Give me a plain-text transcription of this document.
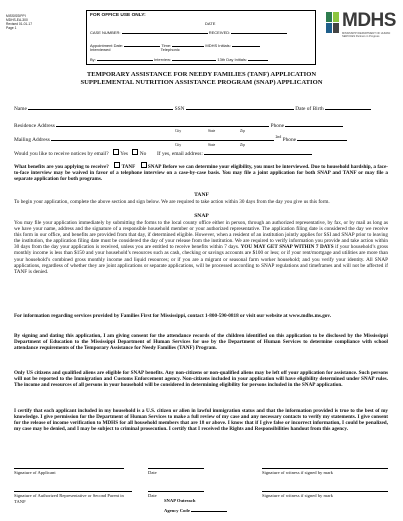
MISSISSIPPI
MDHS-EA-300
Revised 01-01-17
Page 1
FOR OFFICE USE ONLY:
DATE
CASE NUMBER:	RECEIVED:
Appointment Date:	Time:	MDHS Initials:
Interviewed	Telephonic
By:	Interview:	13th Day Initials:
MDHS
MISSISSIPPI DEPARTMENT OF HUMAN SERVICES Partners in Progress
TEMPORARY ASSISTANCE FOR NEEDY FAMILIES (TANF) APPLICATION
SUPPLEMENTAL NUTRITION ASSISTANCE PROGRAM (SNAP) APPLICATION
Name	SSN	Date of Birth
Residence Address	Phone
City	State	Zip
Mailing Address	$^{2nd}$ Phone
City	State	Zip
Would you like to receive notices by email? Yes No If yes, email address:
What benefits are you applying to receive? TANF SNAP Before we can determine your eligibility, you must be interviewed. Due to household hardship, a face-to-face interview may be waived in favor of a telephone interview on a case-by-case basis. You may file a joint application for both SNAP and TANF or may file a separate application for both programs.
TANF
To begin your application, complete the above section and sign below. We are required to take action within 30 days from the day you give us this form.
SNAP
You may file your application immediately by submitting the forms to the local county office either in person, through an authorized representative, by fax, or by mail as long as we have your name, address and the signature of a responsible household member or your authorized representative. The application filing date is considered the day we receive this form in our office, and benefits are provided from that day, if determined eligible. However, when a resident of an institution jointly applies for SSI and SNAP prior to leaving the institution, the application filing date must be considered the day of your release from the institution. We are required to verify information you provide and take action within 30 days from the day your application is received, unless you are entitled to receive benefits within 7 days. YOU MAY GET SNAP WITHIN 7 DAYS if your household’s gross monthly income is less than $150 and your household’s resources such as cash, checking or savings accounts are $100 or less; or if your rent/mortgage and utilities are more than your household’s combined gross monthly income and liquid resources; or if you are a migrant or seasonal farm worker household; and you verify your identity. All SNAP applications, regardless of whether they are joint applications or separate applications, will be processed according to SNAP regulations and timeframes and will not be affected if TANF is denied.
For information regarding services provided by Families First for Mississippi, contact 1-800-590-0818 or visit our website at www.mdhs.ms.gov.
By signing and dating this application, I am giving consent for the attendance records of the children identified on this application to be disclosed by the Mississippi Department of Education to the Mississippi Department of Human Services for use by the Department of Human Services to determine compliance with school attendance requirements of the Temporary Assistance for Needy Families (TANF) Program.
Only US citizens and qualified aliens are eligible for SNAP benefits. Any non-citizens or non-qualified aliens may be left off your application for assistance. Such persons will not be reported to the Immigration and Customs Enforcement agency. Non-citizens included in your application will have eligibility determined under SNAP rules. The income and resources of all persons in your household will be considered in determining eligibility for persons included in the SNAP application.
I certify that each applicant included in my household is a U.S. citizen or alien in lawful immigration status and that the information provided is true to the best of my knowledge. I give permission for the Department of Human Services to make a full review of my case and any necessary contacts to verify my statements. I give consent for the release of income verification to MDHS for all household members that are 18 or above. I know that if I give false or incorrect information, I could be penalized, my case may be denied, and I may be subject to criminal prosecution. I certify that I received the Rights and Responsibilities handout from this agency.
Signature of Applicant	Date	Signature of witness if signed by mark
Signature of Authorized Representative or Second Parent in TANF
Date	Signature of witness if signed by mark
SNAP Outreach
Agency Code
